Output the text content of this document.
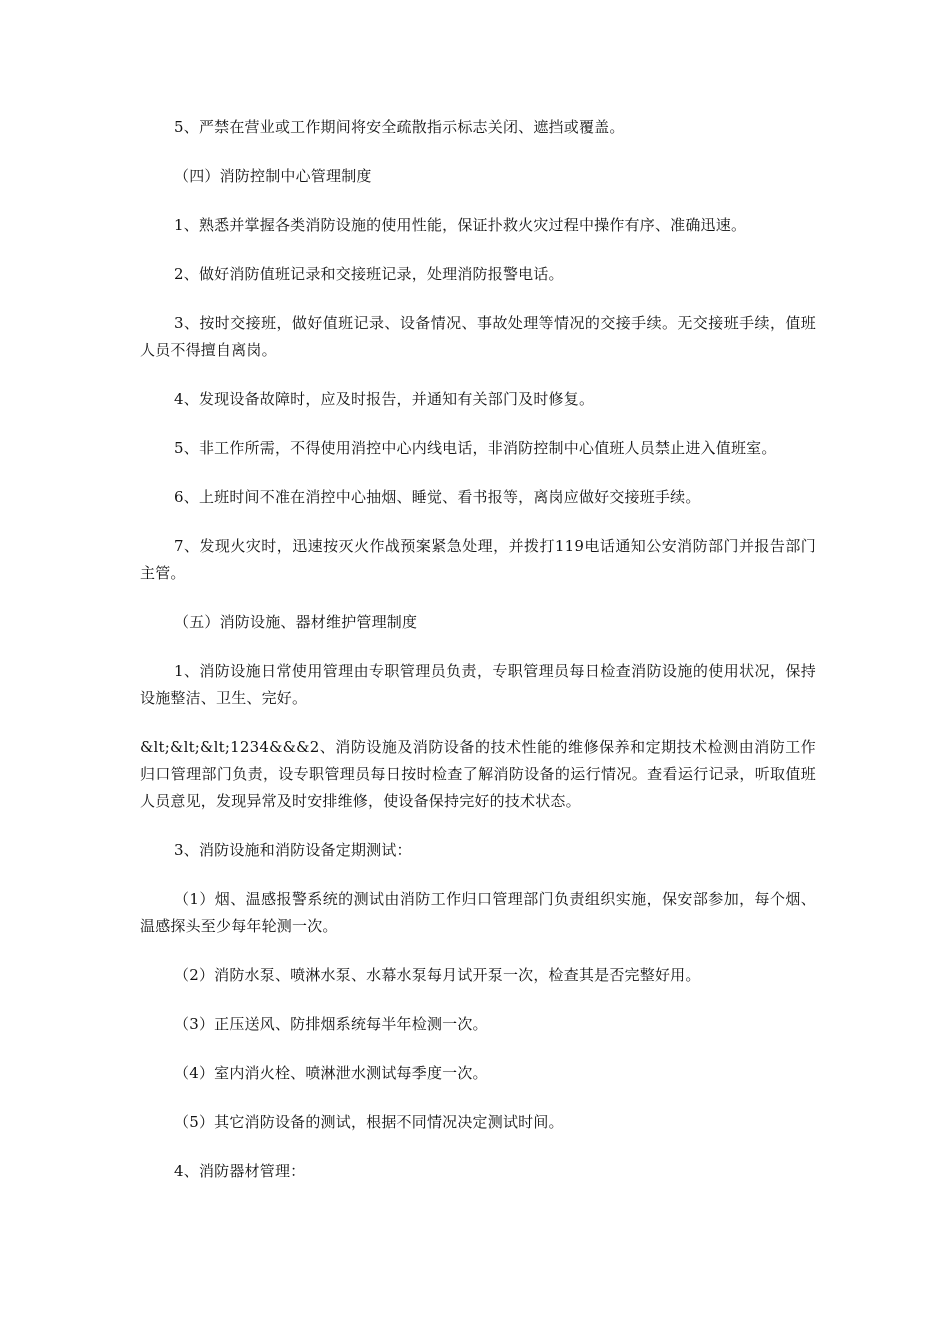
5、严禁在营业或工作期间将安全疏散指示标志关闭、遮挡或覆盖。

（四）消防控制中心管理制度

1、熟悉并掌握各类消防设施的使用性能，保证扑救火灾过程中操作有序、准确迅速。

2、做好消防值班记录和交接班记录，处理消防报警电话。

3、按时交接班，做好值班记录、设备情况、事故处理等情况的交接手续。无交接班手续，值班人员不得擅自离岗。

4、发现设备故障时，应及时报告，并通知有关部门及时修复。

5、非工作所需，不得使用消控中心内线电话，非消防控制中心值班人员禁止进入值班室。

6、上班时间不准在消控中心抽烟、睡觉、看书报等，离岗应做好交接班手续。

7、发现火灾时，迅速按灭火作战预案紧急处理，并拨打119电话通知公安消防部门并报告部门主管。

（五）消防设施、器材维护管理制度

1、消防设施日常使用管理由专职管理员负责，专职管理员每日检查消防设施的使用状况，保持设施整洁、卫生、完好。

&lt;&lt;&lt;1234&&&2、消防设施及消防设备的技术性能的维修保养和定期技术检测由消防工作归口管理部门负责，设专职管理员每日按时检查了解消防设备的运行情况。查看运行记录，听取值班人员意见，发现异常及时安排维修，使设备保持完好的技术状态。

3、消防设施和消防设备定期测试：

（1）烟、温感报警系统的测试由消防工作归口管理部门负责组织实施，保安部参加，每个烟、温感探头至少每年轮测一次。

（2）消防水泵、喷淋水泵、水幕水泵每月试开泵一次，检查其是否完整好用。

（3）正压送风、防排烟系统每半年检测一次。

（4）室内消火栓、喷淋泄水测试每季度一次。

（5）其它消防设备的测试，根据不同情况决定测试时间。

4、消防器材管理：
